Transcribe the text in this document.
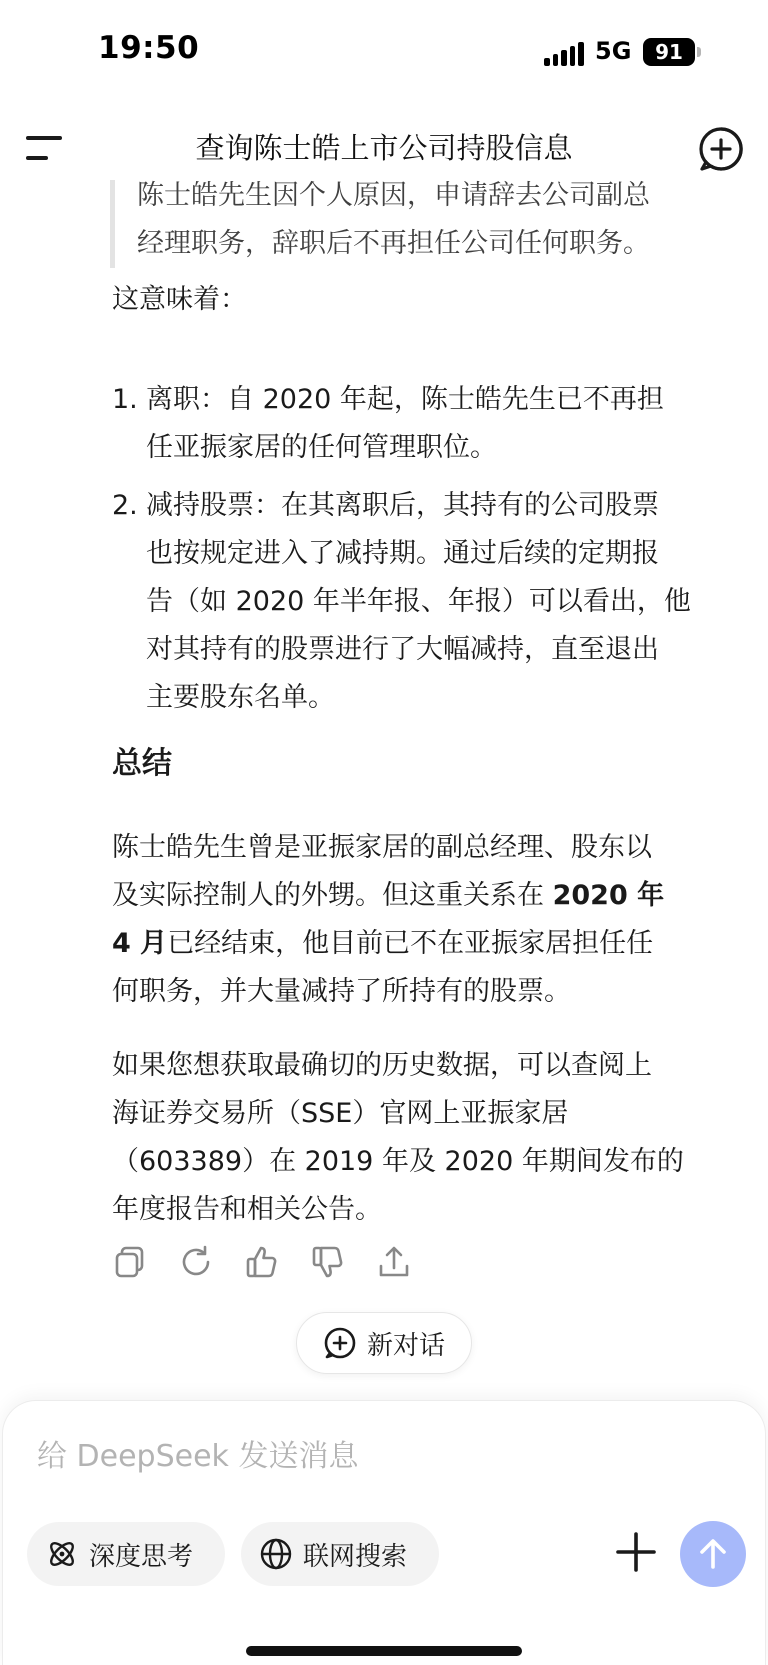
19:50	5G	91
查询陈士皓上市公司持股信息

陈士皓先生因个人原因，申请辞去公司副总

经理职务，辞职后不再担任公司任何职务。

这意味着：
1. 离职：自 2020 年起，陈士皓先生已不再担
任亚振家居的任何管理职位。
2. 减持股票：在其离职后，其持有的公司股票
也按规定进入了减持期。通过后续的定期报
告（如 2020 年半年报、年报）可以看出，他
对其持有的股票进行了大幅减持，直至退出
主要股东名单。
总结
陈士皓先生曾是亚振家居的副总经理、股东以
及实际控制人的外甥。但这重关系在 2020 年
4 月已经结束，他目前已不在亚振家居担任任
何职务，并大量减持了所持有的股票。
如果您想获取最确切的历史数据，可以查阅上
海证券交易所（SSE）官网上亚振家居
（603389）在 2019 年及 2020 年期间发布的
年度报告和相关公告。
新对话
给 DeepSeek 发送消息
深度思考	联网搜索
